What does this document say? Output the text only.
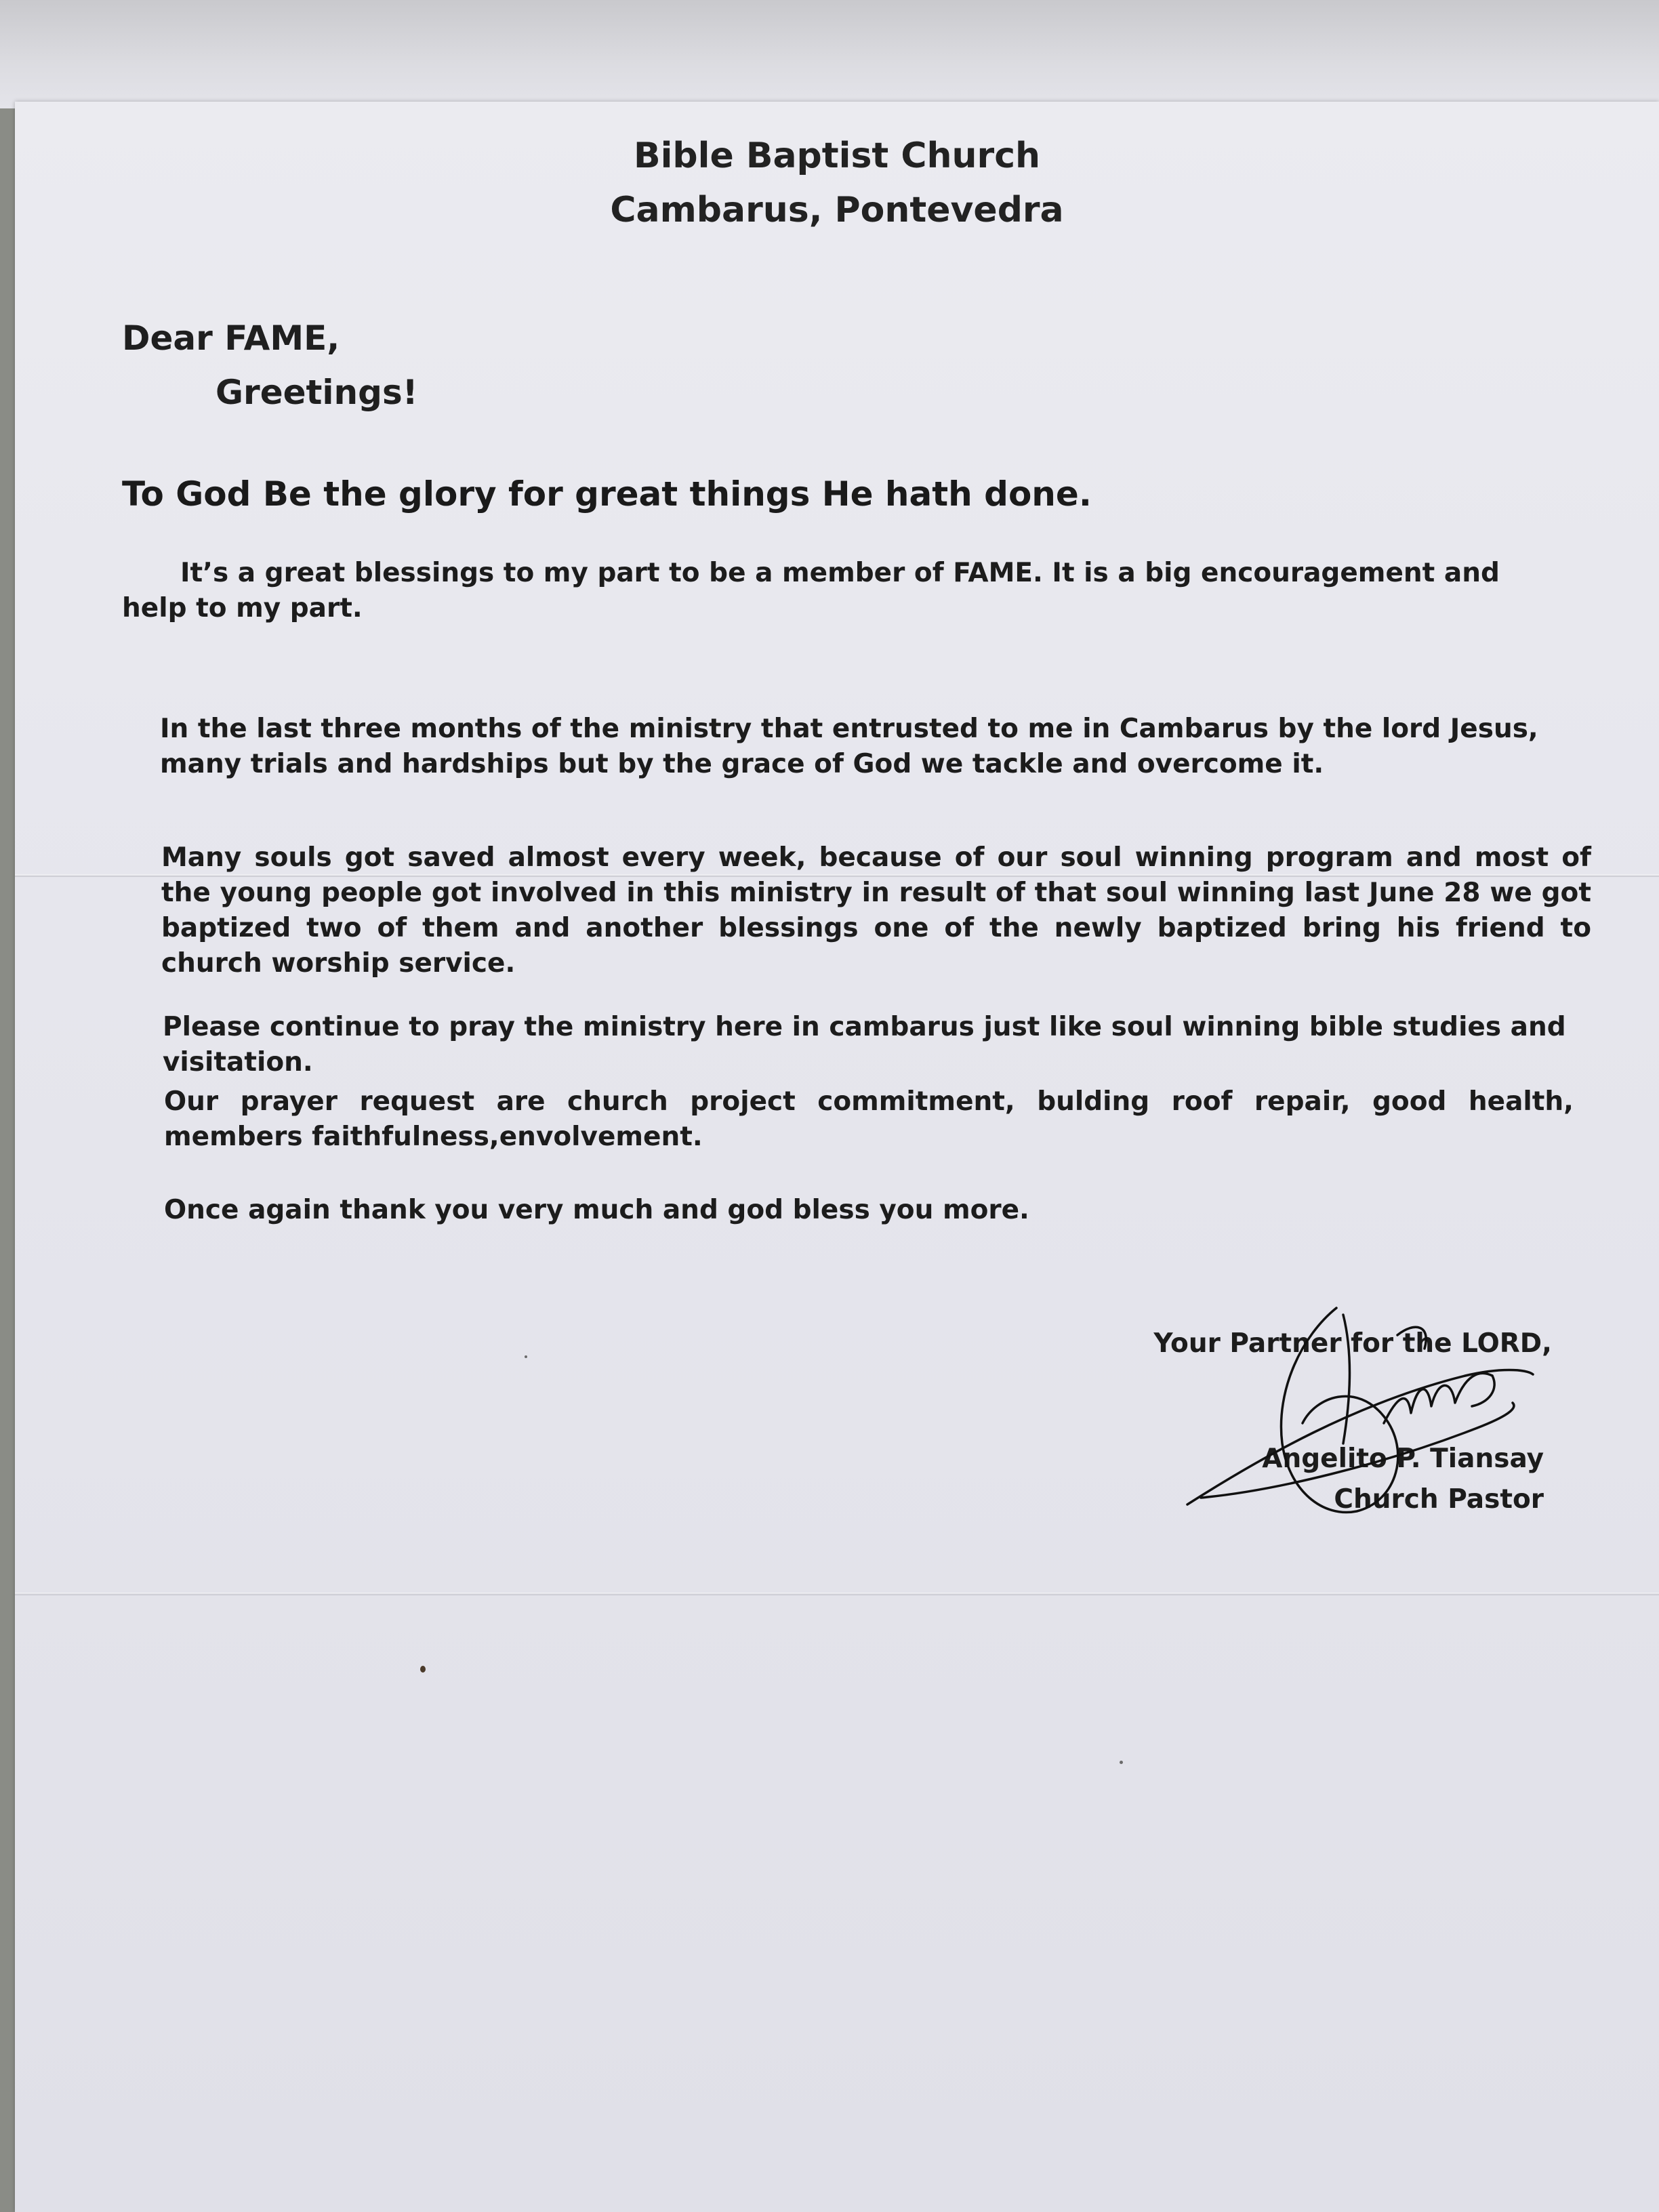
Bible Baptist Church
Cambarus, Pontevedra
Dear FAME,
Greetings!
To God Be the glory for great things He hath done.
It’s a great blessings to my part to be a member of FAME. It is a big encouragement and help to my part.
In the last three months of the ministry that entrusted to me in Cambarus by the lord Jesus, many trials and hardships but by the grace of God we tackle and overcome it.
Many souls got saved almost every week, because of our soul winning program and most of the young people got involved in this ministry in result of that soul winning last June 28 we got baptized two of them and another blessings one of the newly baptized bring his friend to church worship service.
Please continue to pray the ministry here in cambarus just like soul winning bible studies and visitation.
Our prayer request are church project commitment, bulding roof repair, good health, members faithfulness,envolvement.
Once again thank you very much and god bless you more.
Your Partner for the LORD,
Angelito P. Tiansay
Church Pastor
